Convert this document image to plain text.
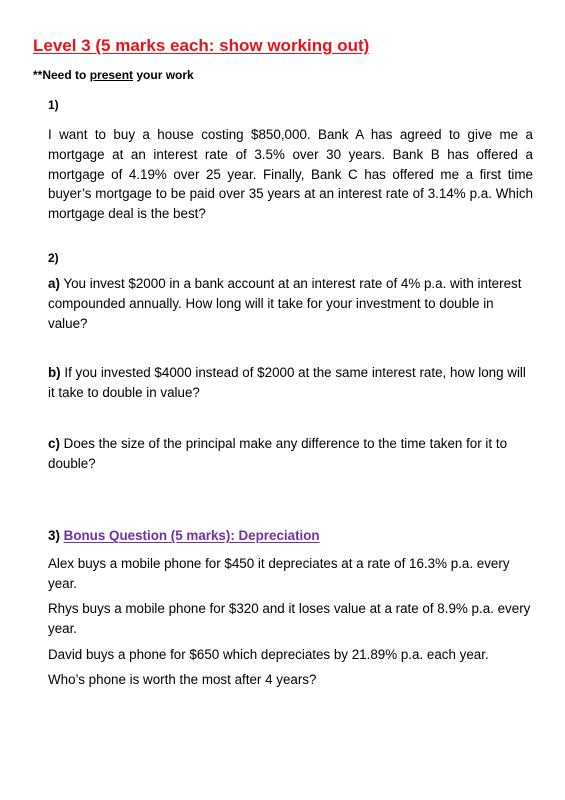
Level 3 (5 marks each: show working out)
**Need to present your work
1)
I want to buy a house costing $850,000. Bank A has agreed to give me a mortgage at an interest rate of 3.5% over 30 years. Bank B has offered a mortgage of 4.19% over 25 year. Finally, Bank C has offered me a first time buyer’s mortgage to be paid over 35 years at an interest rate of 3.14% p.a. Which mortgage deal is the best?
2)
a) You invest $2000 in a bank account at an interest rate of 4% p.a. with interest compounded annually. How long will it take for your investment to double in value?
b) If you invested $4000 instead of $2000 at the same interest rate, how long will it take to double in value?
c) Does the size of the principal make any difference to the time taken for it to double?
3) Bonus Question (5 marks): Depreciation
Alex buys a mobile phone for $450 it depreciates at a rate of 16.3% p.a. every year.
Rhys buys a mobile phone for $320 and it loses value at a rate of 8.9% p.a. every year.
David buys a phone for $650 which depreciates by 21.89% p.a. each year.
Who’s phone is worth the most after 4 years?
